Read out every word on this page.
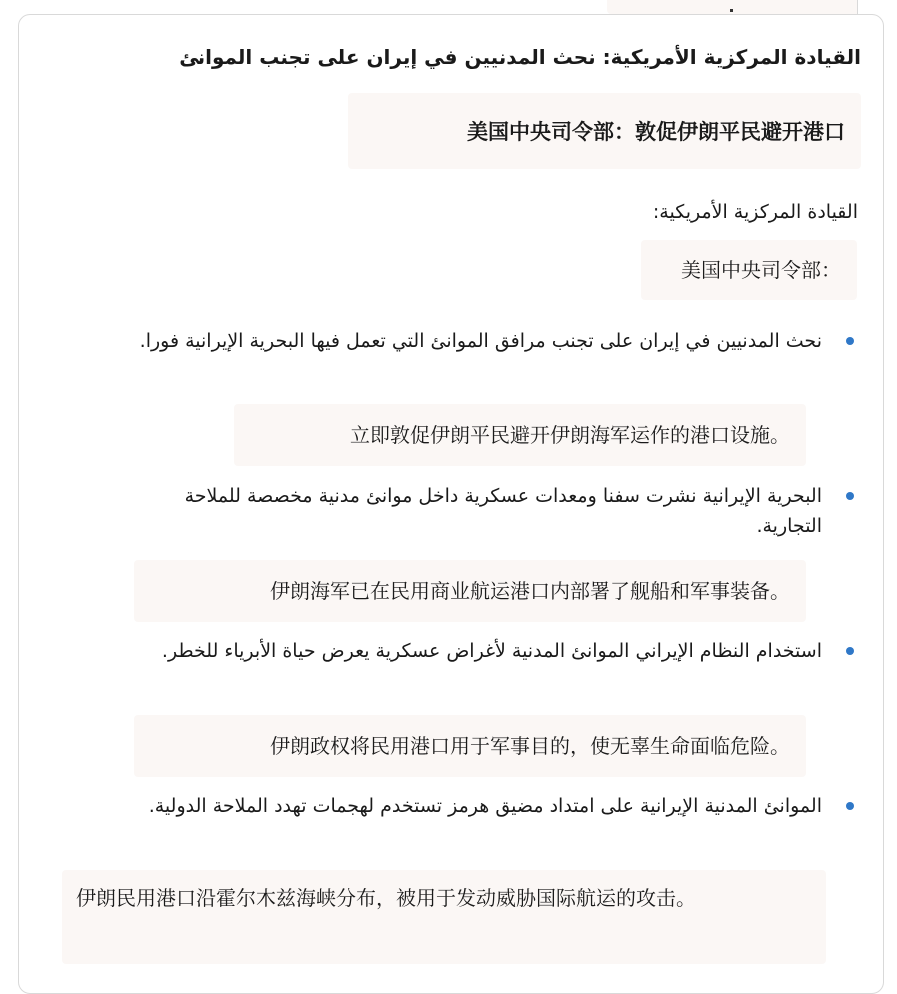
القيادة المركزية الأمريكية: نحث المدنيين في إيران على تجنب الموانئ
美国中央司令部：敦促伊朗平民避开港口
القيادة المركزية الأمريكية:
美国中央司令部：
نحث المدنيين في إيران على تجنب مرافق الموانئ التي تعمل فيها البحرية الإيرانية فورا.
立即敦促伊朗平民避开伊朗海军运作的港口设施。
البحرية الإيرانية نشرت سفنا ومعدات عسكرية داخل موانئ مدنية مخصصة للملاحة التجارية.
伊朗海军已在民用商业航运港口内部署了舰船和军事装备。
استخدام النظام الإيراني الموانئ المدنية لأغراض عسكرية يعرض حياة الأبرياء للخطر.
伊朗政权将民用港口用于军事目的，使无辜生命面临危险。
الموانئ المدنية الإيرانية على امتداد مضيق هرمز تستخدم لهجمات تهدد الملاحة الدولية.
伊朗民用港口沿霍尔木兹海峡分布，被用于发动威胁国际航运的攻击。
